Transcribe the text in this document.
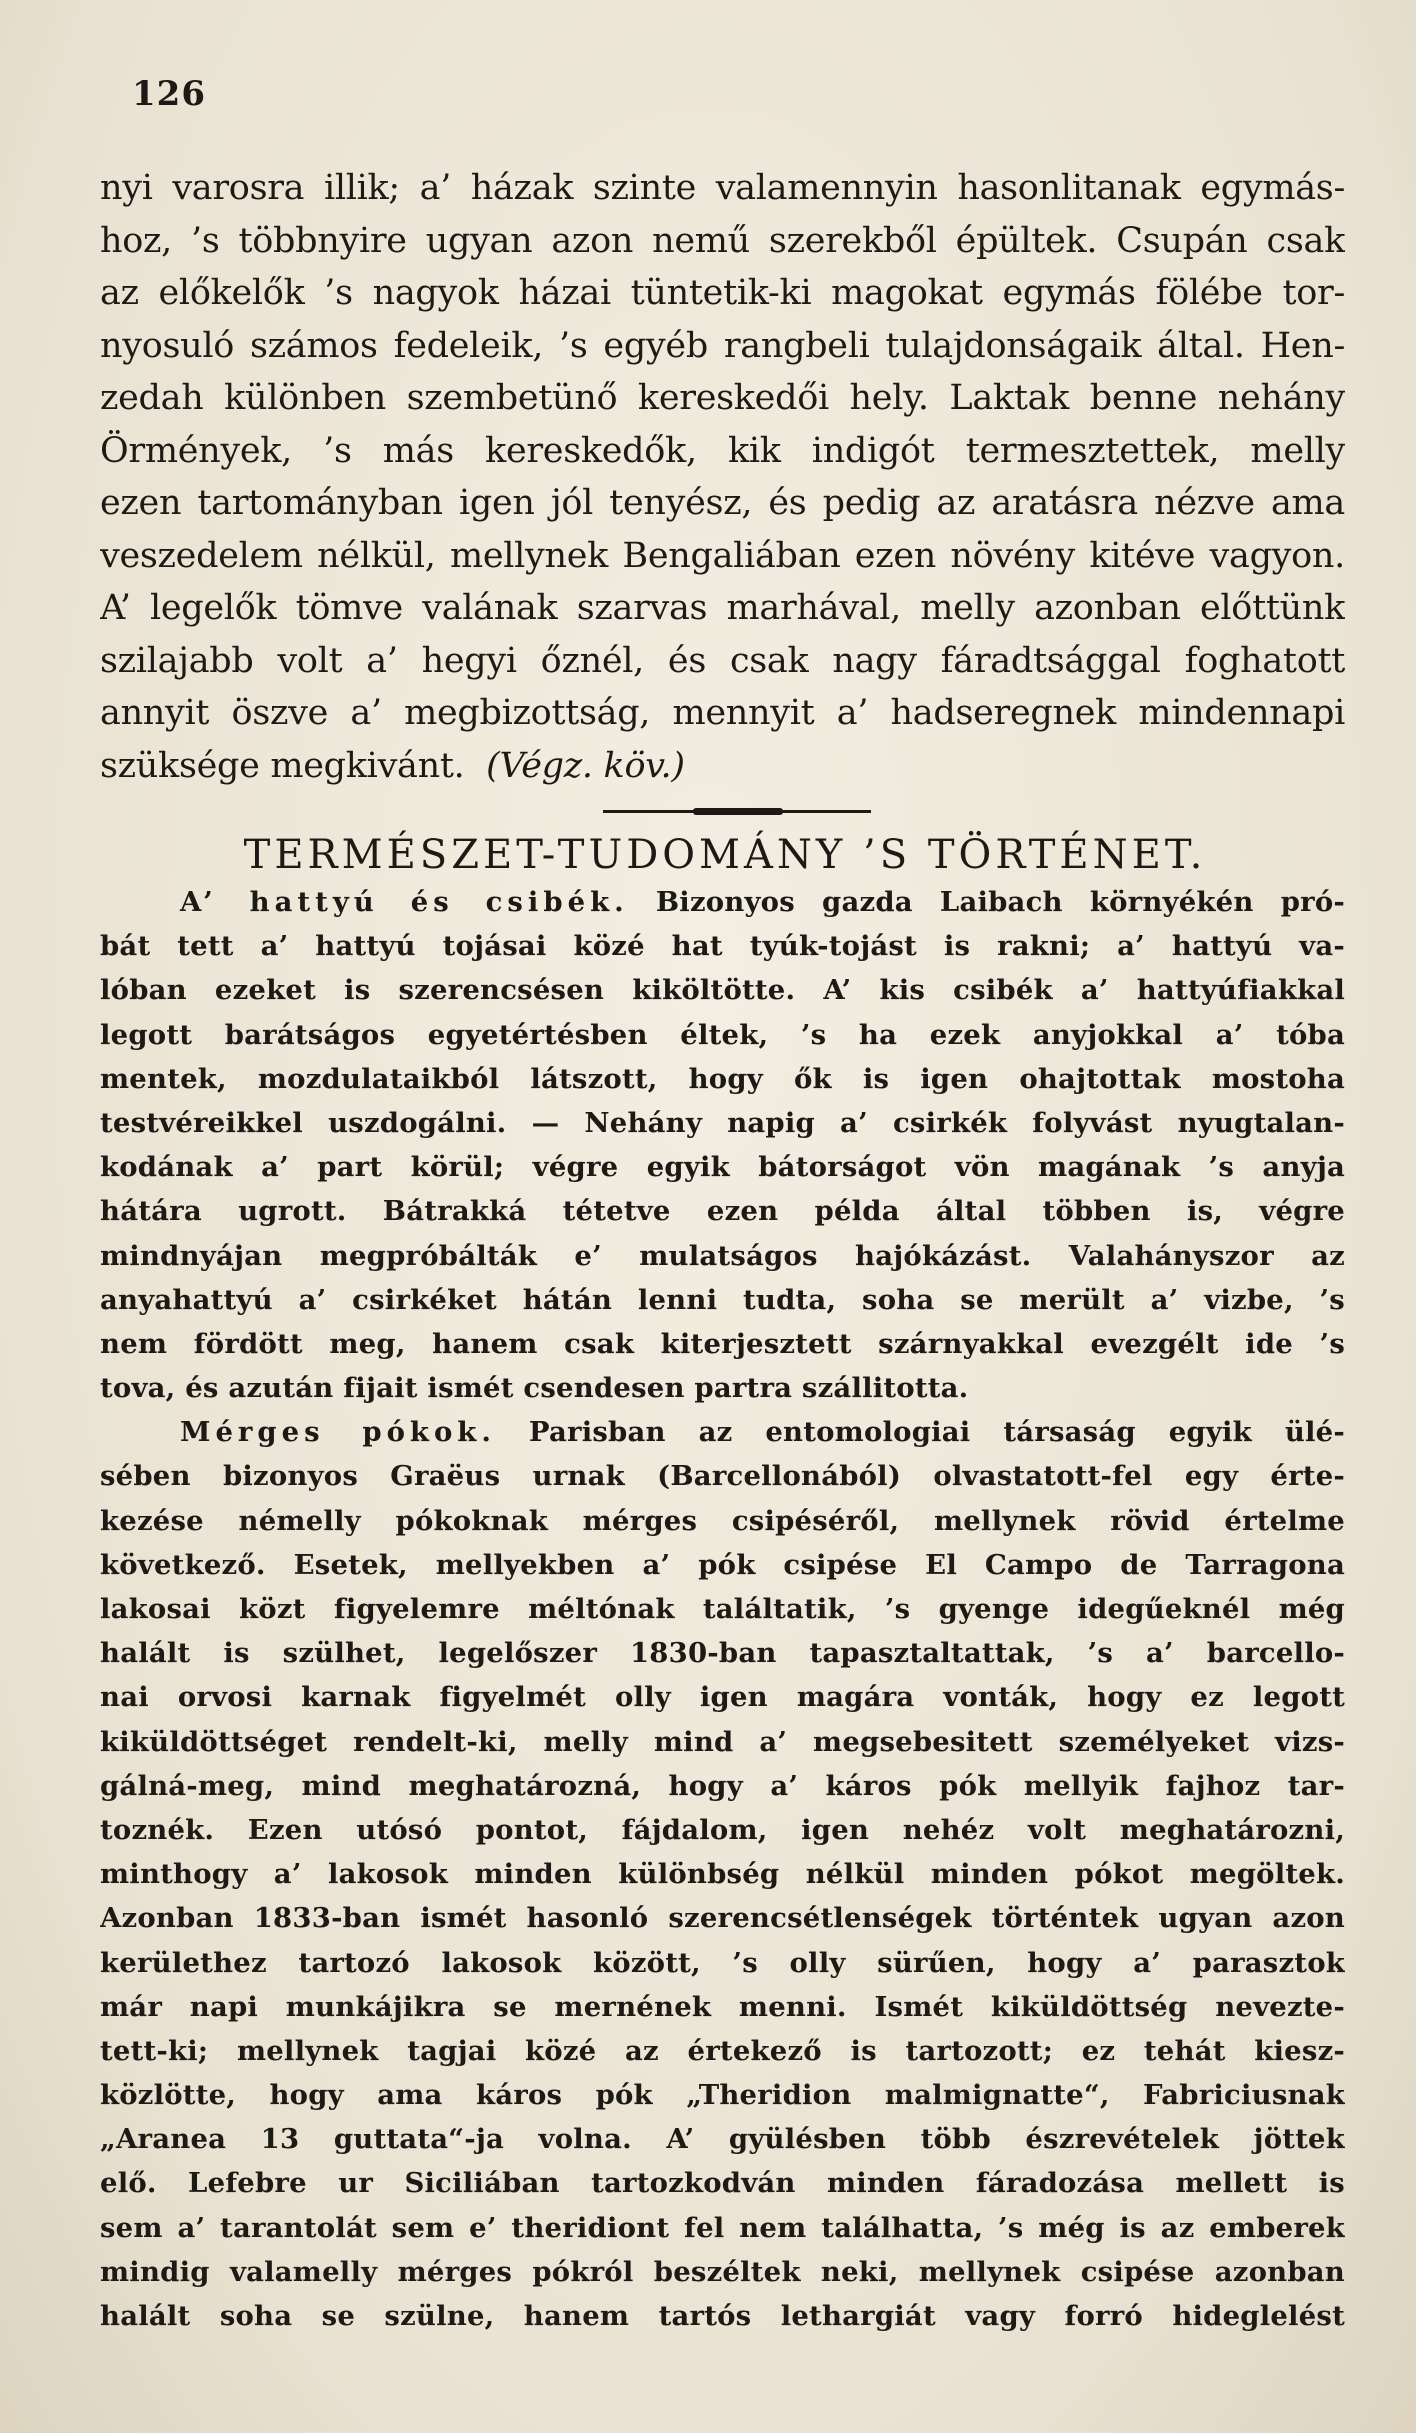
126
nyi varosra illik; a’ házak szinte valamennyin hasonlitanak egymás-
hoz, ’s többnyire ugyan azon nemű szerekből épültek. Csupán csak
az előkelők ’s nagyok házai tüntetik-ki magokat egymás fölébe tor-
nyosuló számos fedeleik, ’s egyéb rangbeli tulajdonságaik által. Hen-
zedah különben szembetünő kereskedői hely. Laktak benne nehány
Örmények, ’s más kereskedők, kik indigót termesztettek, melly
ezen tartományban igen jól tenyész, és pedig az aratásra nézve ama
veszedelem nélkül, mellynek Bengaliában ezen növény kitéve vagyon.
A’ legelők tömve valának szarvas marhával, melly azonban előttünk
szilajabb volt a’ hegyi őznél, és csak nagy fáradtsággal foghatott
annyit öszve a’ megbizottság, mennyit a’ hadseregnek mindennapi
szüksége megkivánt. (Végz. köv.)
TERMÉSZET-TUDOMÁNY ’S TÖRTÉNET.
A’ hattyú és csibék. Bizonyos gazda Laibach környékén pró-
bát tett a’ hattyú tojásai közé hat tyúk-tojást is rakni; a’ hattyú va-
lóban ezeket is szerencsésen kiköltötte. A’ kis csibék a’ hattyúfiakkal
legott barátságos egyetértésben éltek, ’s ha ezek anyjokkal a’ tóba
mentek, mozdulataikból látszott, hogy ők is igen ohajtottak mostoha
testvéreikkel uszdogálni. — Nehány napig a’ csirkék folyvást nyugtalan-
kodának a’ part körül; végre egyik bátorságot vön magának ’s anyja
hátára ugrott. Bátrakká tétetve ezen példa által többen is, végre
mindnyájan megpróbálták e’ mulatságos hajókázást. Valahányszor az
anyahattyú a’ csirkéket hátán lenni tudta, soha se merült a’ vizbe, ’s
nem fördött meg, hanem csak kiterjesztett szárnyakkal evezgélt ide ’s
tova, és azután fijait ismét csendesen partra szállitotta.
Mérges pókok. Parisban az entomologiai társaság egyik ülé-
sében bizonyos Graëus urnak (Barcellonából) olvastatott-fel egy érte-
kezése némelly pókoknak mérges csipéséről, mellynek rövid értelme
következő. Esetek, mellyekben a’ pók csipése El Campo de Tarragona
lakosai közt figyelemre méltónak találtatik, ’s gyenge idegűeknél még
halált is szülhet, legelőszer 1830-ban tapasztaltattak, ’s a’ barcello-
nai orvosi karnak figyelmét olly igen magára vonták, hogy ez legott
kiküldöttséget rendelt-ki, melly mind a’ megsebesitett személyeket vizs-
gálná-meg, mind meghatározná, hogy a’ káros pók mellyik fajhoz tar-
toznék. Ezen utósó pontot, fájdalom, igen nehéz volt meghatározni,
minthogy a’ lakosok minden különbség nélkül minden pókot megöltek.
Azonban 1833-ban ismét hasonló szerencsétlenségek történtek ugyan azon
kerülethez tartozó lakosok között, ’s olly sürűen, hogy a’ parasztok
már napi munkájikra se mernének menni. Ismét kiküldöttség nevezte-
tett-ki; mellynek tagjai közé az értekező is tartozott; ez tehát kiesz-
közlötte, hogy ama káros pók „Theridion malmignatte“, Fabriciusnak
„Aranea 13 guttata“-ja volna. A’ gyülésben több észrevételek jöttek
elő. Lefebre ur Siciliában tartozkodván minden fáradozása mellett is
sem a’ tarantolát sem e’ theridiont fel nem találhatta, ’s még is az emberek
mindig valamelly mérges pókról beszéltek neki, mellynek csipése azonban
halált soha se szülne, hanem tartós lethargiát vagy forró hideglelést
